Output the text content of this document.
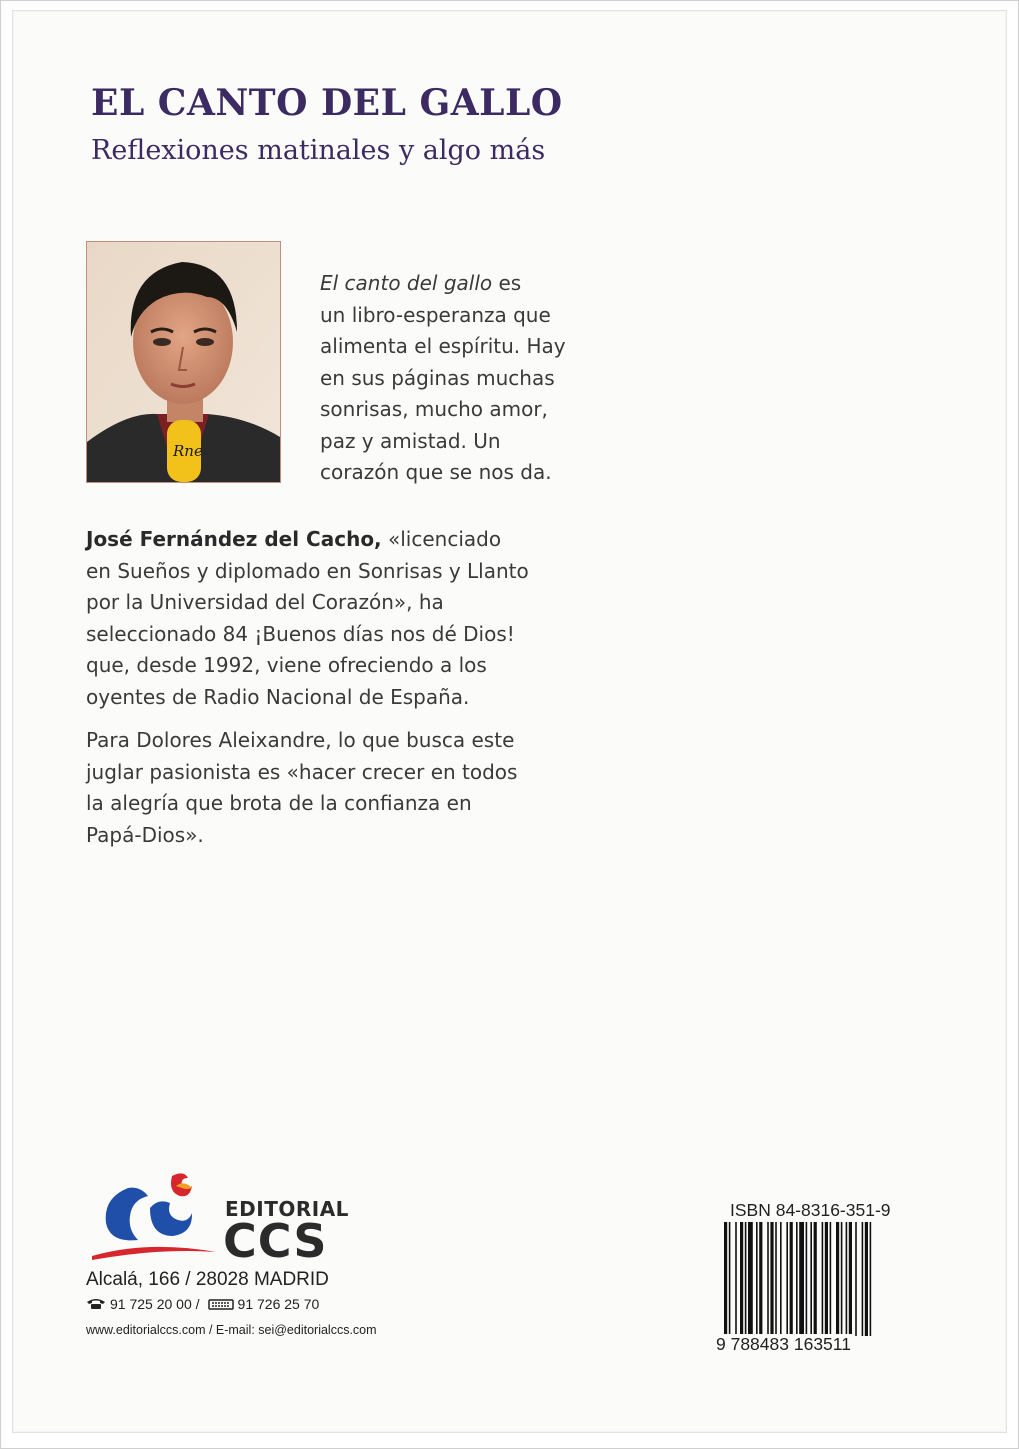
EL CANTO DEL GALLO
Reflexiones matinales y algo más
Rne
El canto del gallo es
un libro-esperanza que
alimenta el espíritu. Hay
en sus páginas muchas
sonrisas, mucho amor,
paz y amistad. Un
corazón que se nos da.
José Fernández del Cacho, «licenciado
en Sueños y diplomado en Sonrisas y Llanto
por la Universidad del Corazón», ha
seleccionado 84 ¡Buenos días nos dé Dios!
que, desde 1992, viene ofreciendo a los
oyentes de Radio Nacional de España.
Para Dolores Aleixandre, lo que busca este
juglar pasionista es «hacer crecer en todos
la alegría que brota de la confianza en
Papá-Dios».
EDITORIAL
CCS
Alcalá, 166 / 28028 MADRID
91 725 20 00 /	91 726 25 70
www.editorialccs.com / E-mail: sei@editorialccs.com
ISBN 84-8316-351-9
9 788483 163511
